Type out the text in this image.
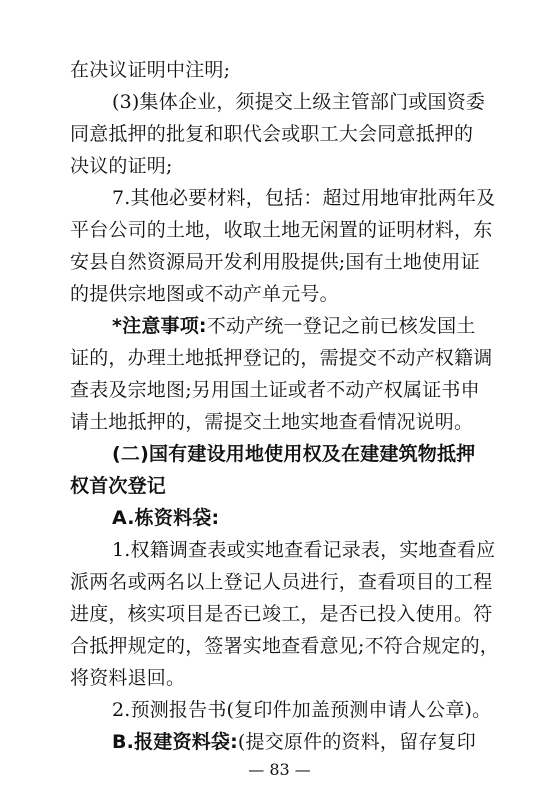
在决议证明中注明;
(3)集体企业，须提交上级主管部门或国资委
同意抵押的批复和职代会或职工大会同意抵押的
决议的证明;
7.其他必要材料，包括：超过用地审批两年及
平台公司的土地，收取土地无闲置的证明材料，东
安县自然资源局开发利用股提供;国有土地使用证
的提供宗地图或不动产单元号。
*注意事项:不动产统一登记之前已核发国土
证的，办理土地抵押登记的，需提交不动产权籍调
查表及宗地图;另用国土证或者不动产权属证书申
请土地抵押的，需提交土地实地查看情况说明。
(二)国有建设用地使用权及在建建筑物抵押
权首次登记
A.栋资料袋:
1.权籍调查表或实地查看记录表，实地查看应
派两名或两名以上登记人员进行，查看项目的工程
进度，核实项目是否已竣工，是否已投入使用。符
— 83 —
合抵押规定的，签署实地查看意见;不符合规定的，
将资料退回。
2.预测报告书(复印件加盖预测申请人公章)。
B.报建资料袋:(提交原件的资料，留存复印
